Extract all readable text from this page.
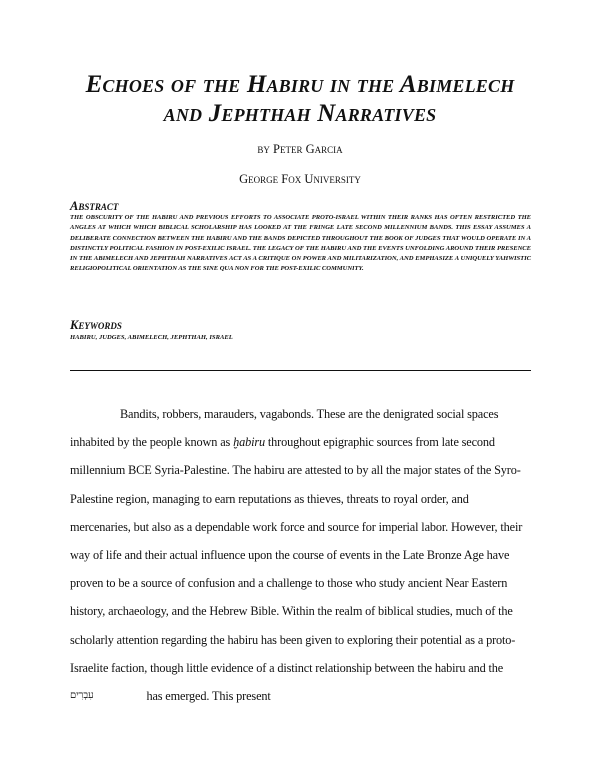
Echoes of the Habiru in the Abimelech
and Jephthah Narratives
by Peter Garcia
George Fox University
Abstract
THE OBSCURITY OF THE HABIRU AND PREVIOUS EFFORTS TO ASSOCIATE PROTO-ISRAEL WITHIN THEIR RANKS HAS OFTEN RESTRICTED THE ANGLES AT WHICH WHICH BIBLICAL SCHOLARSHIP HAS LOOKED AT THE FRINGE LATE SECOND MILLENNIUM BANDS. THIS ESSAY ASSUMES A DELIBERATE CONNECTION BETWEEN THE HABIRU AND THE BANDS DEPICTED THROUGHOUT THE BOOK OF JUDGES THAT WOULD OPERATE IN A DISTINCTLY POLITICAL FASHION IN POST-EXILIC ISRAEL. THE LEGACY OF THE HABIRU AND THE EVENTS UNFOLDING AROUND THEIR PRESENCE IN THE ABIMELECH AND JEPHTHAH NARRATIVES ACT AS A CRITIQUE ON POWER AND MILITARIZATION, AND EMPHASIZE A UNIQUELY YAHWISTIC RELIGIOPOLITICAL ORIENTATION AS THE SINE QUA NON FOR THE POST-EXILIC COMMUNITY.
Keywords
HABIRU, JUDGES, ABIMELECH, JEPHTHAH, ISRAEL

Bandits, robbers, marauders, vagabonds. These are the denigrated social spaces inhabited by the people known as ḫabiru throughout epigraphic sources from late second millennium BCE Syria-Palestine. The habiru are attested to by all the major states of the Syro-Palestine region, managing to earn reputations as thieves, threats to royal order, and mercenaries, but also as a dependable work force and source for imperial labor. However, their way of life and their actual influence upon the course of events in the Late Bronze Age have proven to be a source of confusion and a challenge to those who study ancient Near Eastern history, archaeology, and the Hebrew Bible. Within the realm of biblical studies, much of the scholarly attention regarding the habiru has been given to exploring their potential as a proto-Israelite faction, though little evidence of a distinct relationship between the habiru and the עִבְרִים	has emerged. This present
